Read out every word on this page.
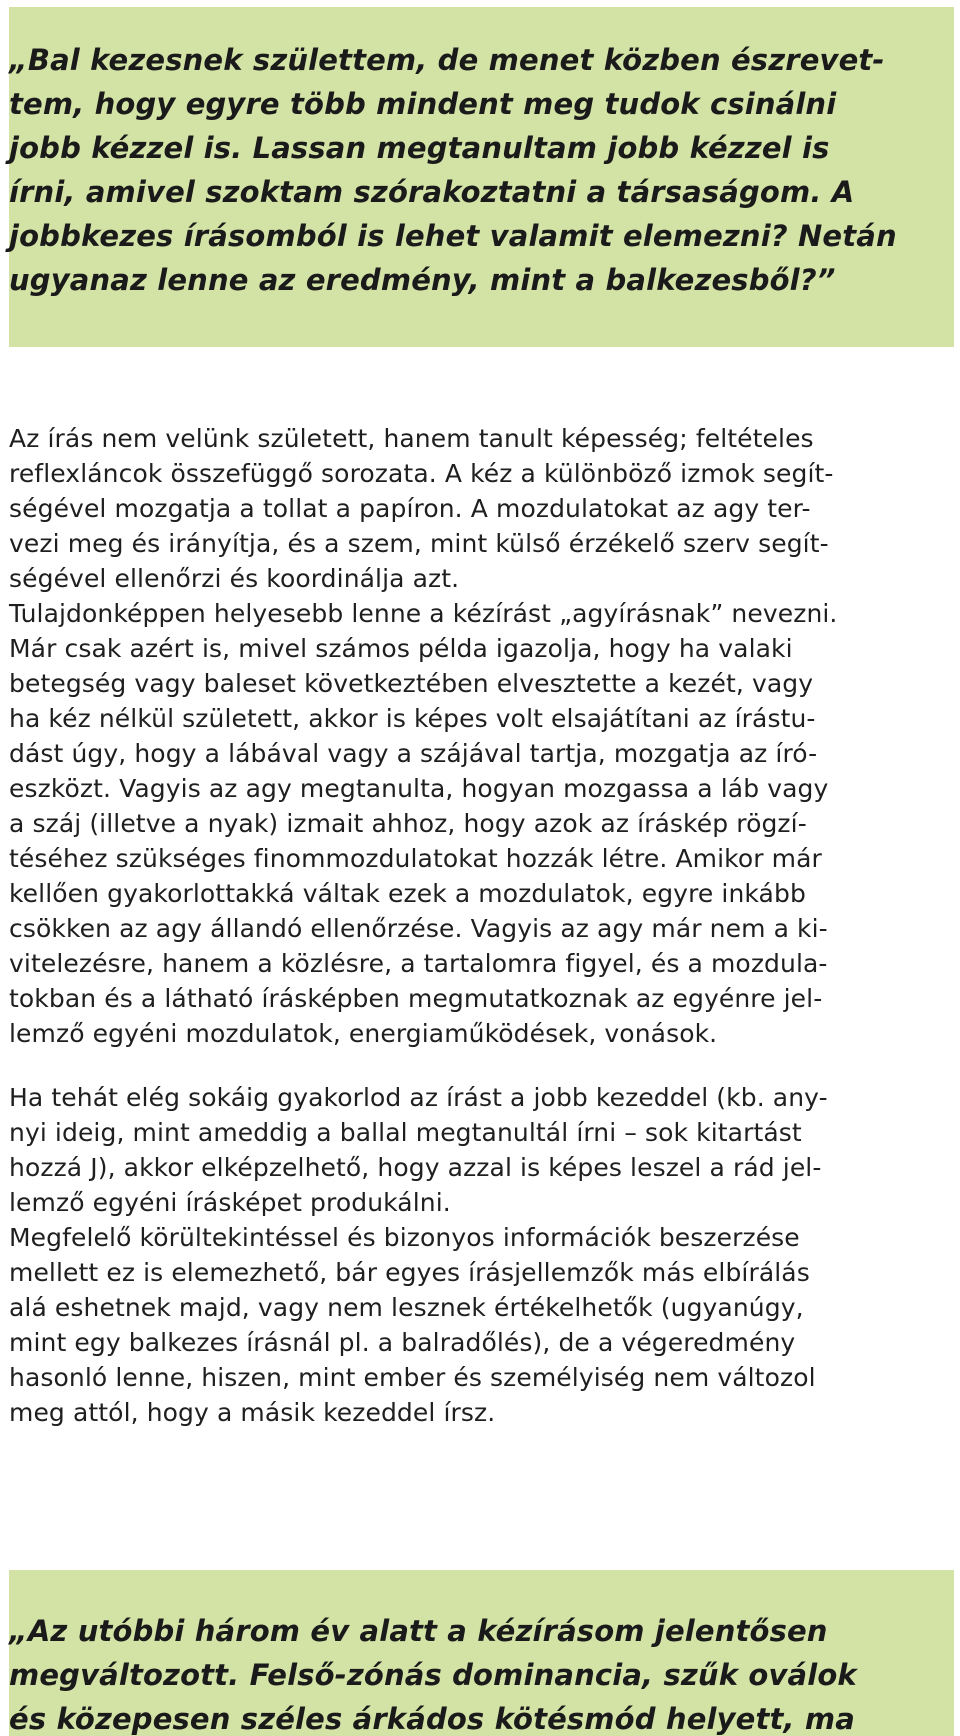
„Bal kezesnek születtem, de menet közben észrevet-

tem, hogy egyre több mindent meg tudok csinálni

jobb kézzel is. Lassan megtanultam jobb kézzel is

írni, amivel szoktam szórakoztatni a társaságom. A

jobbkezes írásomból is lehet valamit elemezni? Netán

ugyanaz lenne az eredmény, mint a balkezesből?”

Az írás nem velünk született, hanem tanult képesség; feltételes

reflexláncok összefüggő sorozata. A kéz a különböző izmok segít-

ségével mozgatja a tollat a papíron. A mozdulatokat az agy ter-

vezi meg és irányítja, és a szem, mint külső érzékelő szerv segít-

ségével ellenőrzi és koordinálja azt.

Tulajdonképpen helyesebb lenne a kézírást „agyírásnak” nevezni.

Már csak azért is, mivel számos példa igazolja, hogy ha valaki

betegség vagy baleset következtében elvesztette a kezét, vagy

ha kéz nélkül született, akkor is képes volt elsajátítani az írástu-

dást úgy, hogy a lábával vagy a szájával tartja, mozgatja az író-

eszközt. Vagyis az agy megtanulta, hogyan mozgassa a láb vagy

a száj (illetve a nyak) izmait ahhoz, hogy azok az íráskép rögzí-

téséhez szükséges finommozdulatokat hozzák létre. Amikor már

kellően gyakorlottakká váltak ezek a mozdulatok, egyre inkább

csökken az agy állandó ellenőrzése. Vagyis az agy már nem a ki-

vitelezésre, hanem a közlésre, a tartalomra figyel, és a mozdula-

tokban és a látható írásképben megmutatkoznak az egyénre jel-

lemző egyéni mozdulatok, energiaműködések, vonások.

Ha tehát elég sokáig gyakorlod az írást a jobb kezeddel (kb. any-

nyi ideig, mint ameddig a ballal megtanultál írni – sok kitartást

hozzá J), akkor elképzelhető, hogy azzal is képes leszel a rád jel-

lemző egyéni írásképet produkálni.

Megfelelő körültekintéssel és bizonyos információk beszerzése

mellett ez is elemezhető, bár egyes írásjellemzők más elbírálás

alá eshetnek majd, vagy nem lesznek értékelhetők (ugyanúgy,

mint egy balkezes írásnál pl. a balradőlés), de a végeredmény

hasonló lenne, hiszen, mint ember és személyiség nem változol

meg attól, hogy a másik kezeddel írsz.

„Az utóbbi három év alatt a kézírásom jelentősen

megváltozott. Felső-zónás dominancia, szűk oválok

és közepesen széles árkádos kötésmód helyett, ma
